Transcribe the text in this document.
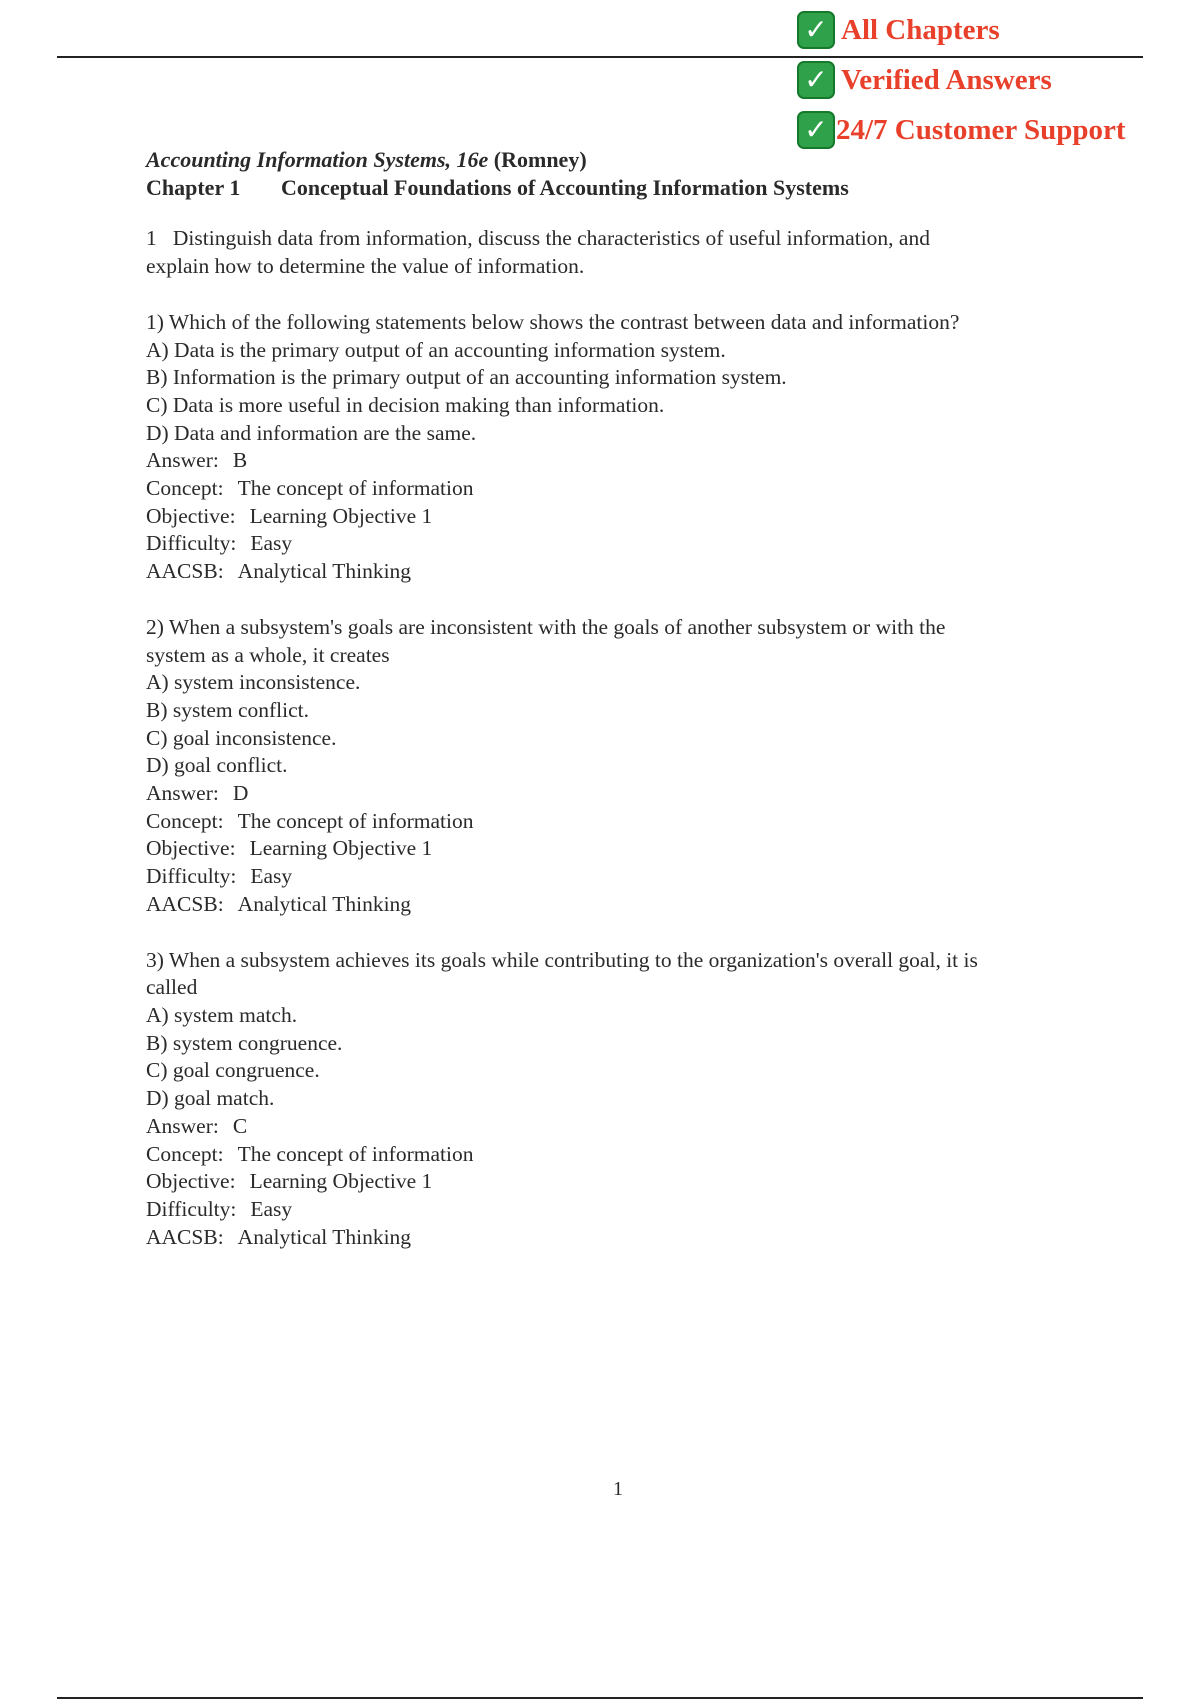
✓ All Chapters
✓ Verified Answers
✓ 24/7 Customer Support
Accounting Information Systems, 16e (Romney)
Chapter 1 Conceptual Foundations of Accounting Information Systems
1   Distinguish data from information, discuss the characteristics of useful information, and
explain how to determine the value of information.
1) Which of the following statements below shows the contrast between data and information?
A) Data is the primary output of an accounting information system.
B) Information is the primary output of an accounting information system.
C) Data is more useful in decision making than information.
D) Data and information are the same.
Answer: B
Concept: The concept of information
Objective: Learning Objective 1
Difficulty: Easy
AACSB: Analytical Thinking
2) When a subsystem's goals are inconsistent with the goals of another subsystem or with the
system as a whole, it creates
A) system inconsistence.
B) system conflict.
C) goal inconsistence.
D) goal conflict.
Answer: D
Concept: The concept of information
Objective: Learning Objective 1
Difficulty: Easy
AACSB: Analytical Thinking
3) When a subsystem achieves its goals while contributing to the organization's overall goal, it is
called
A) system match.
B) system congruence.
C) goal congruence.
D) goal match.
Answer: C
Concept: The concept of information
Objective: Learning Objective 1
Difficulty: Easy
AACSB: Analytical Thinking
1
